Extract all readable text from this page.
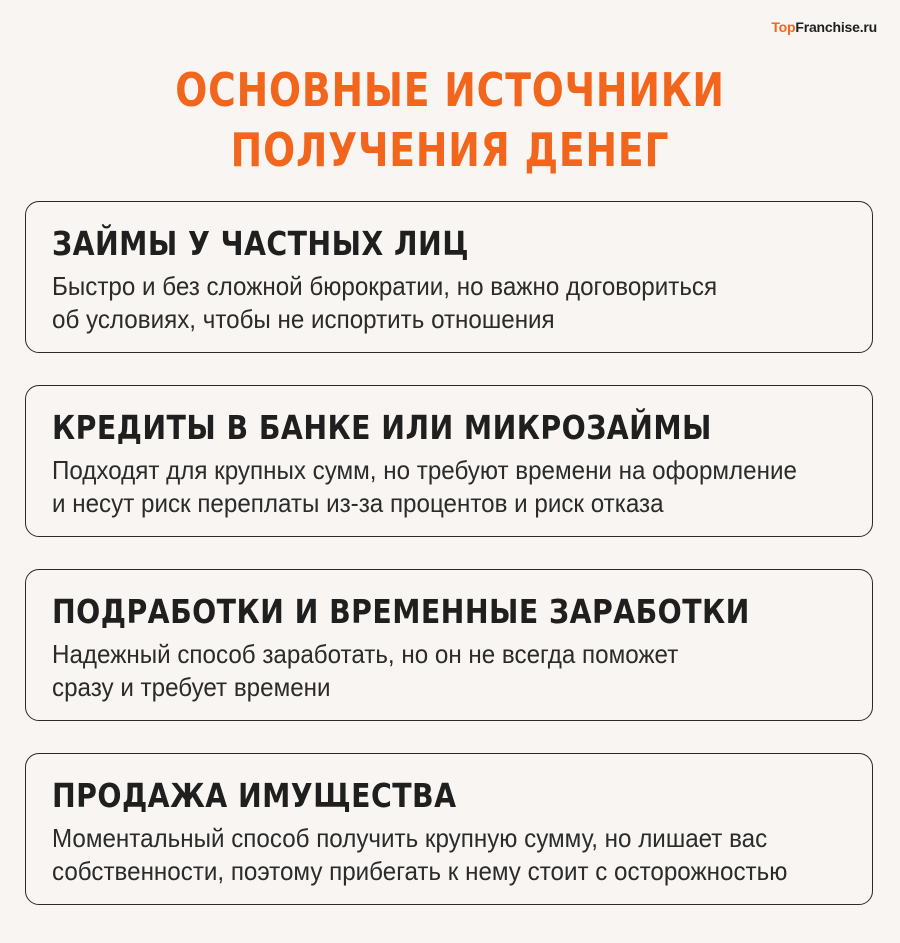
TopFranchise.ru
ОСНОВНЫЕ ИСТОЧНИКИ
ПОЛУЧЕНИЯ ДЕНЕГ
ЗАЙМЫ У ЧАСТНЫХ ЛИЦ
Быстро и без сложной бюрократии, но важно договориться
об условиях, чтобы не испортить отношения
КРЕДИТЫ В БАНКЕ ИЛИ МИКРОЗАЙМЫ
Подходят для крупных сумм, но требуют времени на оформление
и несут риск переплаты из-за процентов и риск отказа
ПОДРАБОТКИ И ВРЕМЕННЫЕ ЗАРАБОТКИ
Надежный способ заработать, но он не всегда поможет
сразу и требует времени
ПРОДАЖА ИМУЩЕСТВА
Моментальный способ получить крупную сумму, но лишает вас
собственности, поэтому прибегать к нему стоит с осторожностью
